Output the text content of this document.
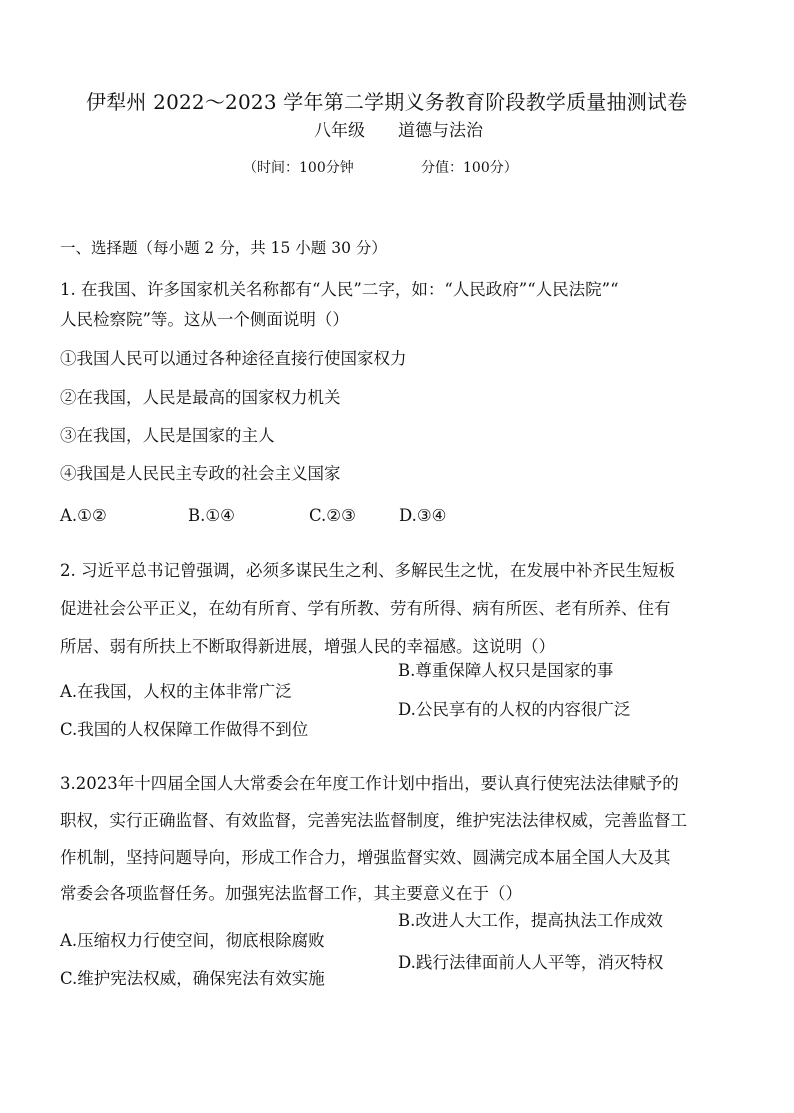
伊犁州 2022～2023 学年第二学期义务教育阶段教学质量抽测试卷
八年级 道德与法治
（时间：100分钟	分值：100分）
一、选择题（每小题 2 分，共 15 小题 30 分）
1. 在我国、许多国家机关名称都有“人民”二字，如：“人民政府”“人民法院”“
人民检察院”等。这从一个侧面说明（）
①我国人民可以通过各种途径直接行使国家权力
②在我国，人民是最高的国家权力机关
③在我国，人民是国家的主人
④我国是人民民主专政的社会主义国家
A.①②	B.①④	C.②③	D.③④
2. 习近平总书记曾强调，必须多谋民生之利、多解民生之忧，在发展中补齐民生短板
促进社会公平正义，在幼有所育、学有所教、劳有所得、病有所医、老有所养、住有
所居、弱有所扶上不断取得新进展，增强人民的幸福感。这说明（）
A.在我国，人权的主体非常广泛
B.尊重保障人权只是国家的事
C.我国的人权保障工作做得不到位
D.公民享有的人权的内容很广泛
3.2023年十四届全国人大常委会在年度工作计划中指出，要认真行使宪法法律赋予的
职权，实行正确监督、有效监督，完善宪法监督制度，维护宪法法律权威，完善监督工
作机制，坚持问题导向，形成工作合力，增强监督实效、圆满完成本届全国人大及其
常委会各项监督任务。加强宪法监督工作，其主要意义在于（）
A.压缩权力行使空间，彻底根除腐败
B.改进人大工作，提高执法工作成效
C.维护宪法权威，确保宪法有效实施
D.践行法律面前人人平等，消灭特权
